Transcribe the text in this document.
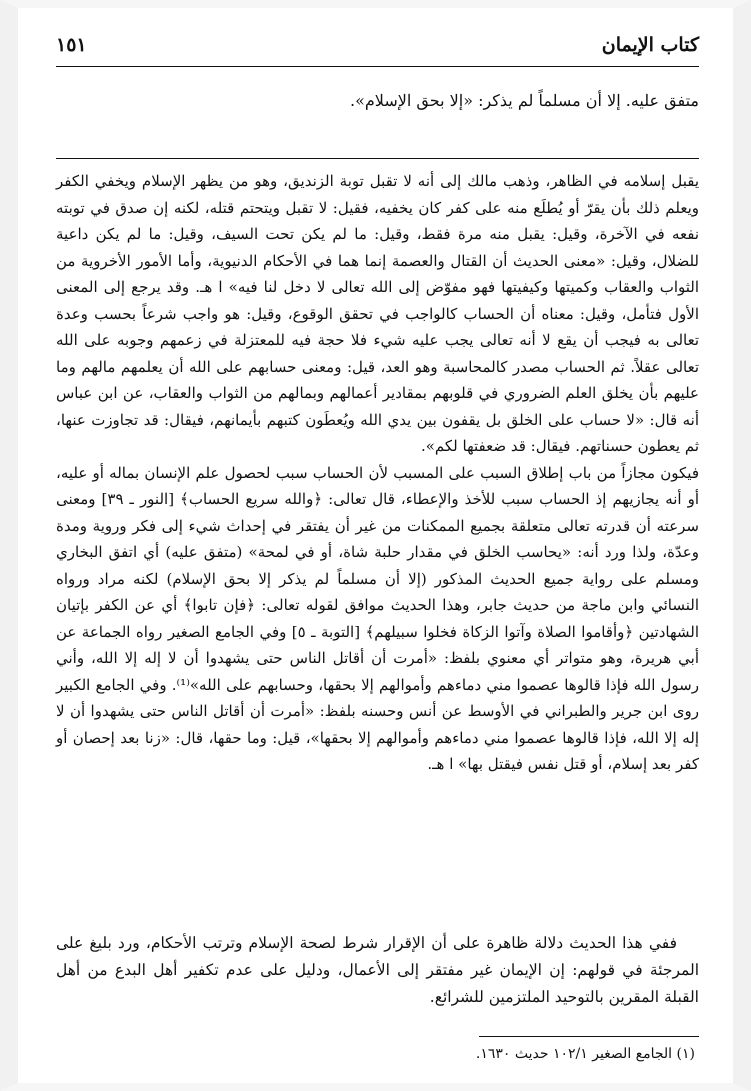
كتاب الإيمان
١٥١
متفق عليه. إلا أن مسلماً لم يذكر: «إلا بحق الإسلام».

يقبل إسلامه في الظاهر، وذهب مالك إلى أنه لا تقبل توبة الزنديق، وهو من يظهر الإسلام ويخفي الكفر ويعلم ذلك بأن يقرّ أو يُطلَع منه على كفر كان يخفيه، فقيل: لا تقبل ويتحتم قتله، لكنه إن صدق في توبته نفعه في الآخرة، وقيل: يقبل منه مرة فقط، وقيل: ما لم يكن تحت السيف، وقيل: ما لم يكن داعية للضلال، وقيل: «معنى الحديث أن القتال والعصمة إنما هما في الأحكام الدنيوية، وأما الأمور الأخروية من الثواب والعقاب وكميتها وكيفيتها فهو مفوّض إلى الله تعالى لا دخل لنا فيه» ا هـ. وقد يرجع إلى المعنى الأول فتأمل، وقيل: معناه أن الحساب كالواجب في تحقق الوقوع، وقيل: هو واجب شرعاً بحسب وعدة تعالى به فيجب أن يقع لا أنه تعالى يجب عليه شيء فلا حجة فيه للمعتزلة في زعمهم وجوبه على الله تعالى عقلاً. ثم الحساب مصدر كالمحاسبة وهو العد، قيل: ومعنى حسابهم على الله أن يعلمهم مالهم وما عليهم بأن يخلق العلم الضروري في قلوبهم بمقادير أعمالهم وبمالهم من الثواب والعقاب، عن ابن عباس أنه قال: «لا حساب على الخلق بل يقفون بين يدي الله ويُعطَون كتبهم بأيمانهم، فيقال: قد تجاوزت عنها، ثم يعطون حسناتهم. فيقال: قد ضعفتها لكم».

فيكون مجازاً من باب إطلاق السبب على المسبب لأن الحساب سبب لحصول علم الإنسان بماله أو عليه، أو أنه يجازيهم إذ الحساب سبب للأخذ والإعطاء، قال تعالى: ﴿والله سريع الحساب﴾ [النور ـ ٣٩] ومعنى سرعته أن قدرته تعالى متعلقة بجميع الممكنات من غير أن يفتقر في إحداث شيء إلى فكر وروية ومدة وعدّة، ولذا ورد أنه: «يحاسب الخلق في مقدار حلبة شاة، أو في لمحة» (متفق عليه) أي اتفق البخاري ومسلم على رواية جميع الحديث المذكور (إلا أن مسلماً لم يذكر إلا بحق الإسلام) لكنه مراد ورواه النسائي وابن ماجة من حديث جابر، وهذا الحديث موافق لقوله تعالى: ﴿فإن تابوا﴾ أي عن الكفر بإتيان الشهادتين ﴿وأقاموا الصلاة وآتوا الزكاة فخلوا سبيلهم﴾ [التوبة ـ ٥] وفي الجامع الصغير رواه الجماعة عن أبي هريرة، وهو متواتر أي معنوي بلفظ: «أمرت أن أقاتل الناس حتى يشهدوا أن لا إله إلا الله، وأني رسول الله فإذا قالوها عصموا مني دماءهم وأموالهم إلا بحقها، وحسابهم على الله»⁽¹⁾. وفي الجامع الكبير روى ابن جرير والطبراني في الأوسط عن أنس وحسنه بلفظ: «أمرت أن أقاتل الناس حتى يشهدوا أن لا إله إلا الله، فإذا قالوها عصموا مني دماءهم وأموالهم إلا بحقها»، قيل: وما حقها، قال: «زنا بعد إحصان أو كفر بعد إسلام، أو قتل نفس فيقتل بها» ا هـ.

ففي هذا الحديث دلالة ظاهرة على أن الإقرار شرط لصحة الإسلام وترتب الأحكام، ورد بليغ على المرجئة في قولهم: إن الإيمان غير مفتقر إلى الأعمال، ودليل على عدم تكفير أهل البدع من أهل القبلة المقرين بالتوحيد الملتزمين للشرائع.

(١) الجامع الصغير ١٠٢/١ حديث ١٦٣٠.
